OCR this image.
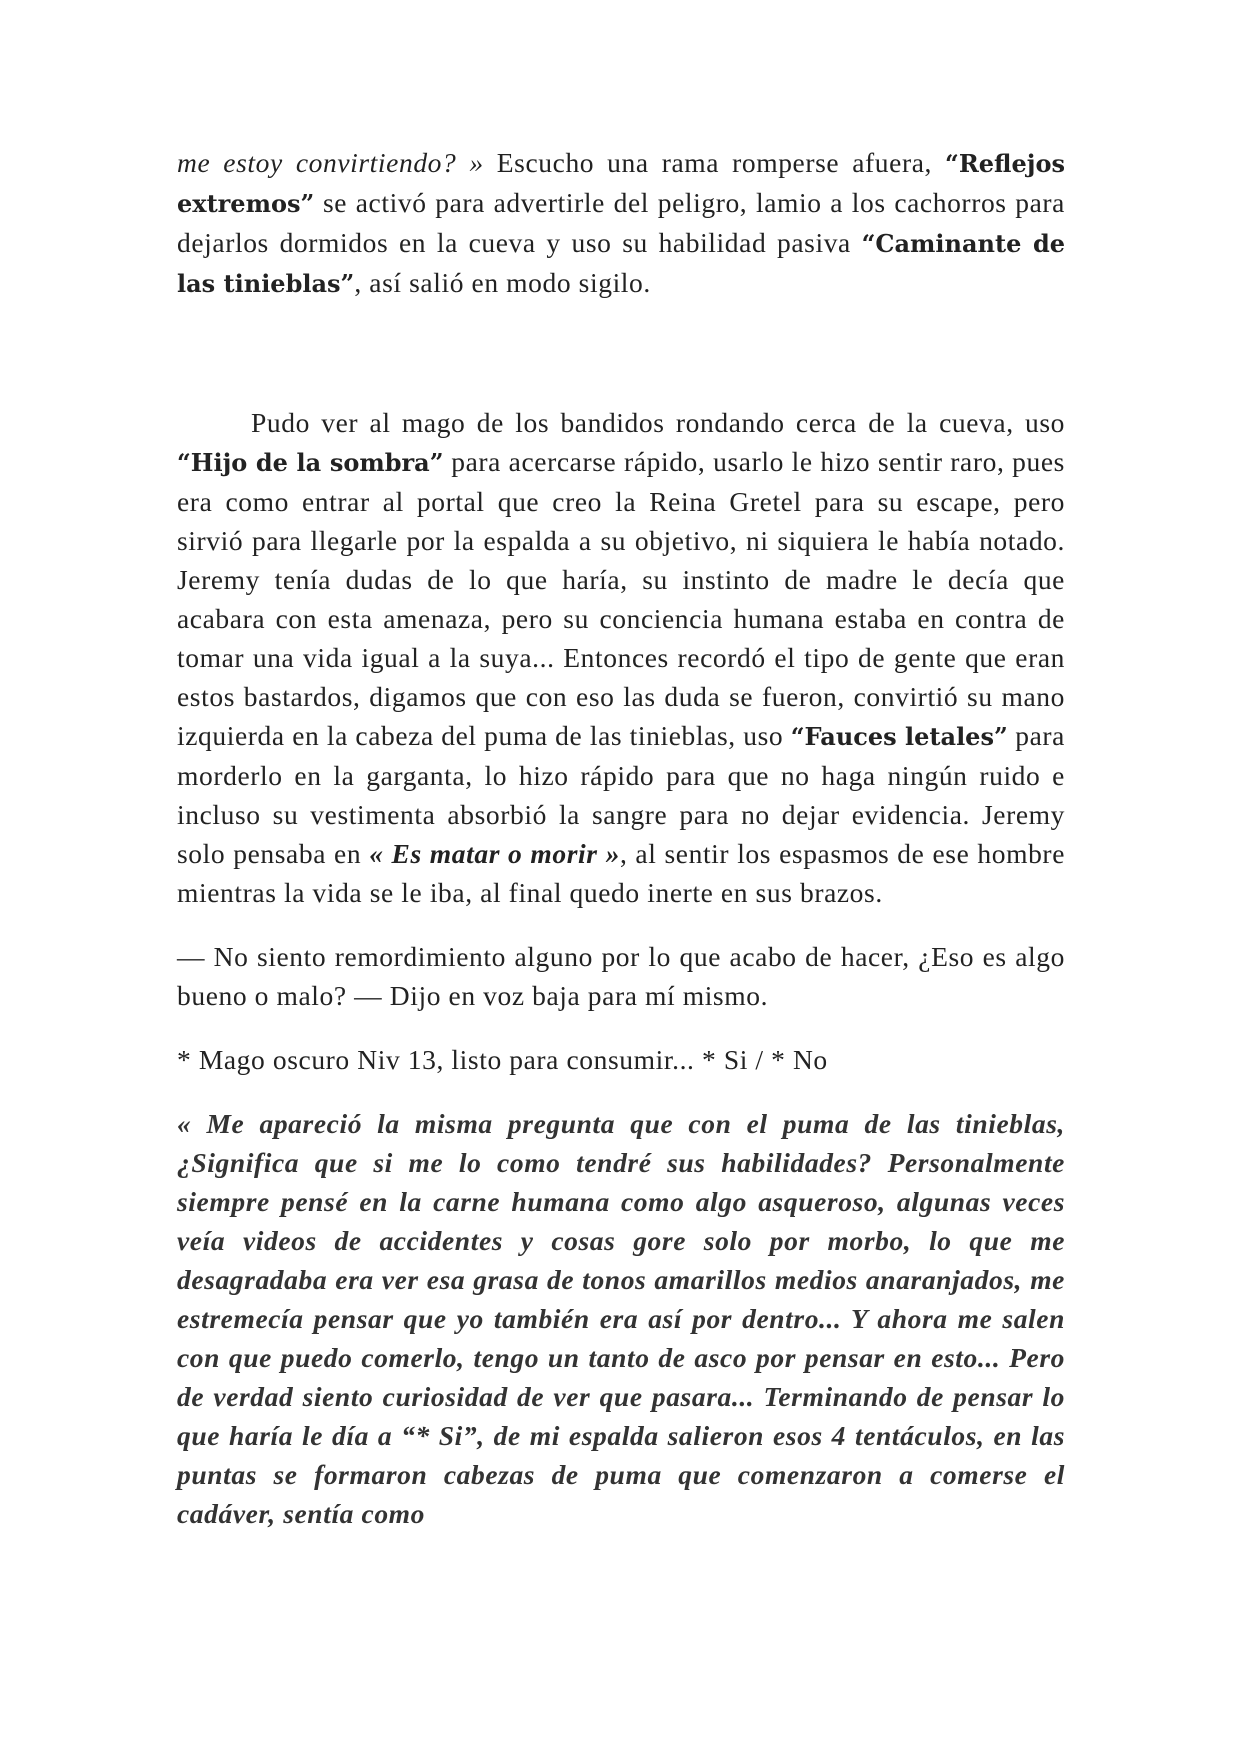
me estoy convirtiendo? » Escucho una rama romperse afuera, “Reflejos extremos” se activó para advertirle del peligro, lamio a los cachorros para dejarlos dormidos en la cueva y uso su habilidad pasiva “Caminante de las tinieblas”, así salió en modo sigilo.

Pudo ver al mago de los bandidos rondando cerca de la cueva, uso “Hijo de la sombra” para acercarse rápido, usarlo le hizo sentir raro, pues era como entrar al portal que creo la Reina Gretel para su escape, pero sirvió para llegarle por la espalda a su objetivo, ni siquiera le había notado. Jeremy tenía dudas de lo que haría, su instinto de madre le decía que acabara con esta amenaza, pero su conciencia humana estaba en contra de tomar una vida igual a la suya... Entonces recordó el tipo de gente que eran estos bastardos, digamos que con eso las duda se fueron, convirtió su mano izquierda en la cabeza del puma de las tinieblas, uso “Fauces letales” para morderlo en la garganta, lo hizo rápido para que no haga ningún ruido e incluso su vestimenta absorbió la sangre para no dejar evidencia. Jeremy solo pensaba en « Es matar o morir », al sentir los espasmos de ese hombre mientras la vida se le iba, al final quedo inerte en sus brazos.

— No siento remordimiento alguno por lo que acabo de hacer, ¿Eso es algo bueno o malo? — Dijo en voz baja para mí mismo.

* Mago oscuro Niv 13, listo para consumir... * Si / * No

« Me apareció la misma pregunta que con el puma de las tinieblas, ¿Significa que si me lo como tendré sus habilidades? Personalmente siempre pensé en la carne humana como algo asqueroso, algunas veces veía videos de accidentes y cosas gore solo por morbo, lo que me desagradaba era ver esa grasa de tonos amarillos medios anaranjados, me estremecía pensar que yo también era así por dentro... Y ahora me salen con que puedo comerlo, tengo un tanto de asco por pensar en esto... Pero de verdad siento curiosidad de ver que pasara... Terminando de pensar lo que haría le día a “* Si”, de mi espalda salieron esos 4 tentáculos, en las puntas se formaron cabezas de puma que comenzaron a comerse el cadáver, sentía como
